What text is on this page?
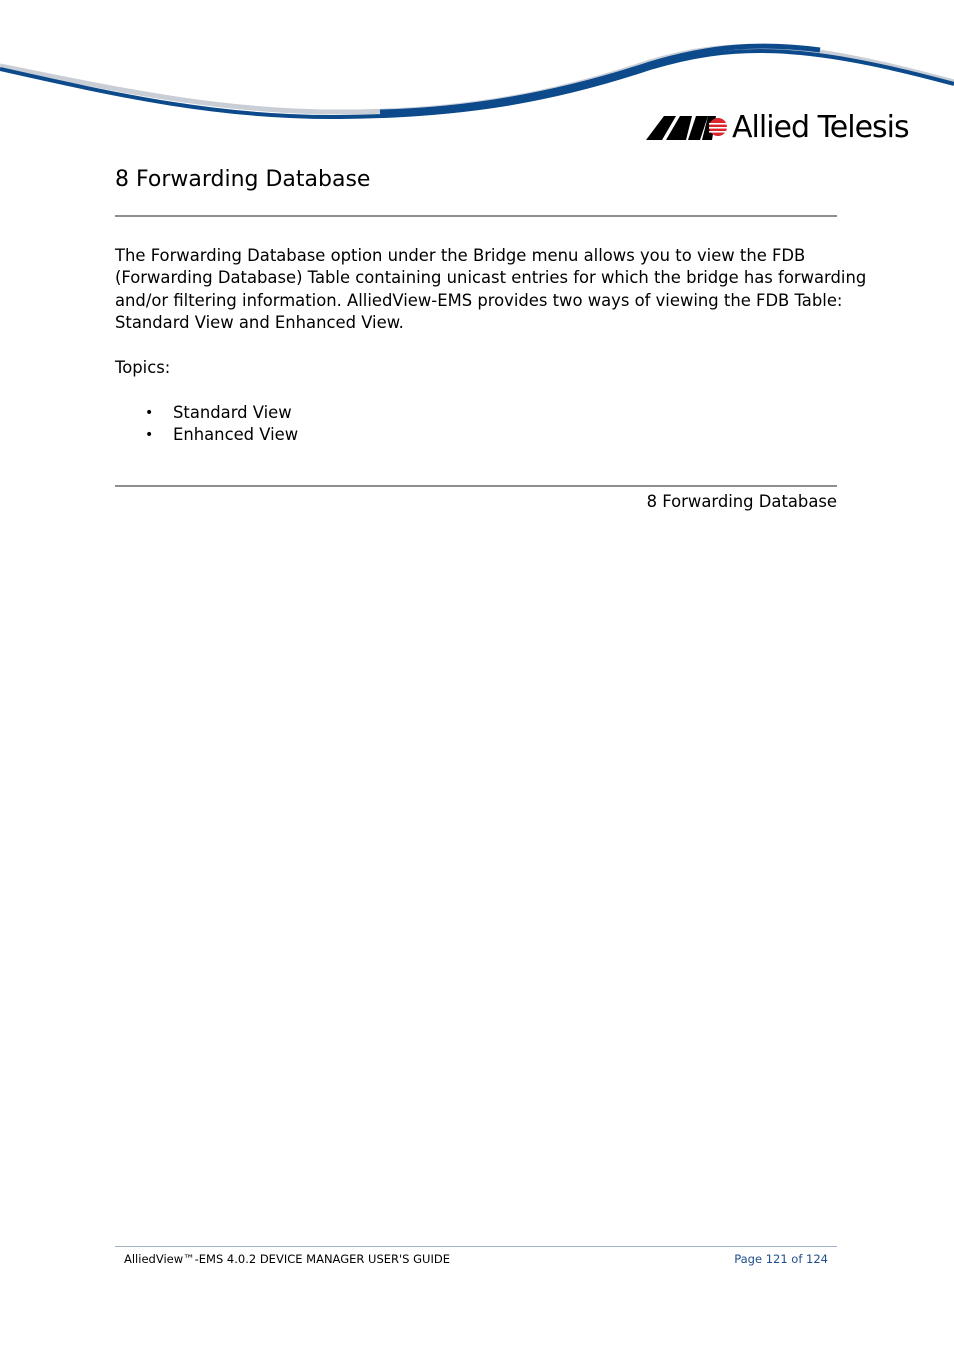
Allied Telesis
8 Forwarding Database

The Forwarding Database option under the Bridge menu allows you to view the FDB
(Forwarding Database) Table containing unicast entries for which the bridge has forwarding
and/or filtering information. AlliedView-EMS provides two ways of viewing the FDB Table:
Standard View and Enhanced View.

Topics:
• Standard View
• Enhanced View
8 Forwarding Database
AlliedView™-EMS 4.0.2 DEVICE MANAGER USER'S GUIDE	Page 121 of 124
